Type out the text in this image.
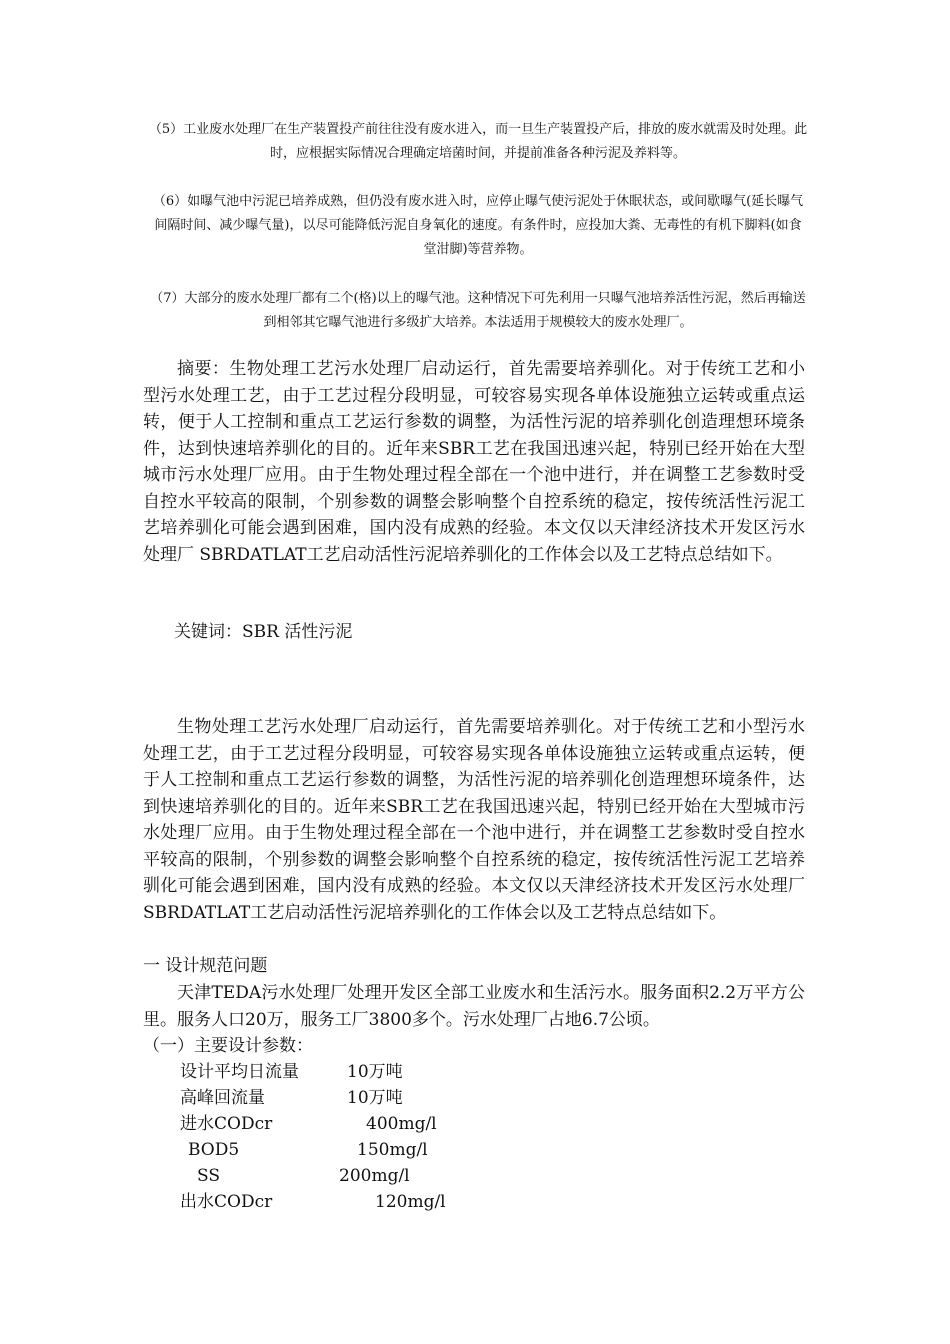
（5）工业废水处理厂在生产装置投产前往往没有废水进入，而一旦生产装置投产后，排放的废水就需及时处理。此时，应根据实际情况合理确定培菌时间，并提前准备各种污泥及养料等。

（6）如曝气池中污泥已培养成熟，但仍没有废水进入时，应停止曝气使污泥处于休眠状态，或间歇曝气(延长曝气间隔时间、减少曝气量)，以尽可能降低污泥自身氧化的速度。有条件时，应投加大粪、无毒性的有机下脚料(如食堂泔脚)等营养物。

（7）大部分的废水处理厂都有二个(格)以上的曝气池。这种情况下可先利用一只曝气池培养活性污泥，然后再输送到相邻其它曝气池进行多级扩大培养。本法适用于规模较大的废水处理厂。

摘要：生物处理工艺污水处理厂启动运行，首先需要培养驯化。对于传统工艺和小型污水处理工艺，由于工艺过程分段明显，可较容易实现各单体设施独立运转或重点运转，便于人工控制和重点工艺运行参数的调整，为活性污泥的培养驯化创造理想环境条件，达到快速培养驯化的目的。近年来SBR工艺在我国迅速兴起，特别已经开始在大型城市污水处理厂应用。由于生物处理过程全部在一个池中进行，并在调整工艺参数时受自控水平较高的限制，个别参数的调整会影响整个自控系统的稳定，按传统活性污泥工艺培养驯化可能会遇到困难，国内没有成熟的经验。本文仅以天津经济技术开发区污水处理厂 SBRDATLAT工艺启动活性污泥培养驯化的工作体会以及工艺特点总结如下。

关键词：SBR 活性污泥

生物处理工艺污水处理厂启动运行，首先需要培养驯化。对于传统工艺和小型污水处理工艺，由于工艺过程分段明显，可较容易实现各单体设施独立运转或重点运转，便于人工控制和重点工艺运行参数的调整，为活性污泥的培养驯化创造理想环境条件，达到快速培养驯化的目的。近年来SBR工艺在我国迅速兴起，特别已经开始在大型城市污水处理厂应用。由于生物处理过程全部在一个池中进行，并在调整工艺参数时受自控水平较高的限制，个别参数的调整会影响整个自控系统的稳定，按传统活性污泥工艺培养驯化可能会遇到困难，国内没有成熟的经验。本文仅以天津经济技术开发区污水处理厂 SBRDATLAT工艺启动活性污泥培养驯化的工作体会以及工艺特点总结如下。

一 设计规范问题

天津TEDA污水处理厂处理开发区全部工业废水和生活污水。服务面积2.2万平方公里。服务人口20万，服务工厂3800多个。污水处理厂占地6.7公顷。

（一）主要设计参数：

设计平均日流量	10万吨
高峰回流量	10万吨
进水CODcr	400mg/l
BOD5	150mg/l
SS	200mg/l
出水CODcr	120mg/l
